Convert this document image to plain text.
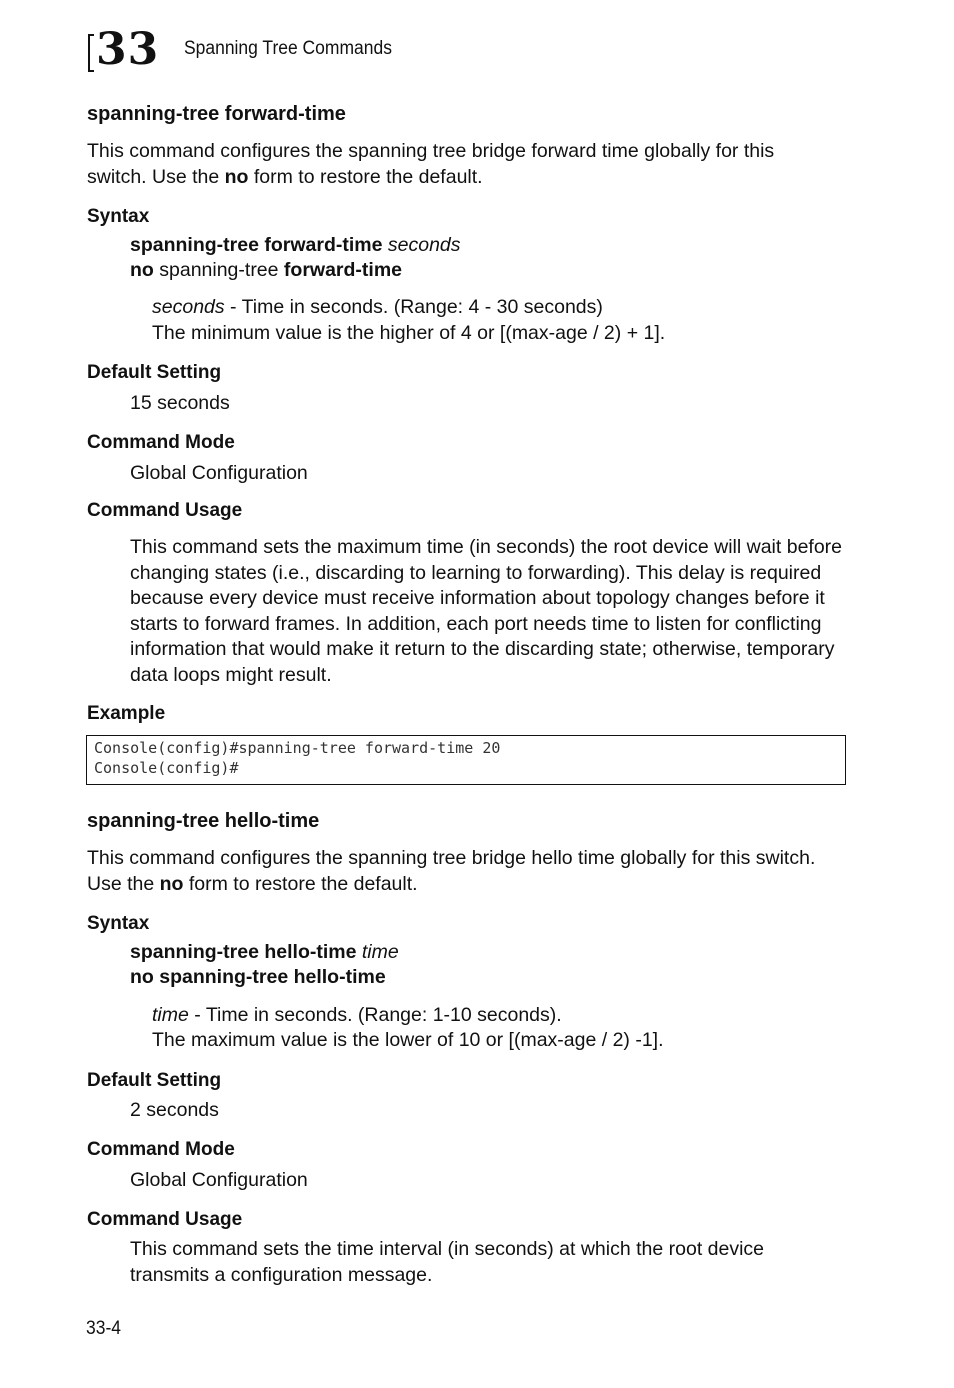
33 Spanning Tree Commands
spanning-tree forward-time
This command configures the spanning tree bridge forward time globally for this switch. Use the no form to restore the default.
Syntax
spanning-tree forward-time seconds
no spanning-tree forward-time
seconds - Time in seconds. (Range: 4 - 30 seconds)
The minimum value is the higher of 4 or [(max-age / 2) + 1].
Default Setting
15 seconds
Command Mode
Global Configuration
Command Usage
This command sets the maximum time (in seconds) the root device will wait before changing states (i.e., discarding to learning to forwarding). This delay is required because every device must receive information about topology changes before it starts to forward frames. In addition, each port needs time to listen for conflicting information that would make it return to the discarding state; otherwise, temporary data loops might result.
Example
Console(config)#spanning-tree forward-time 20
Console(config)#
spanning-tree hello-time
This command configures the spanning tree bridge hello time globally for this switch. Use the no form to restore the default.
Syntax
spanning-tree hello-time time
no spanning-tree hello-time
time - Time in seconds. (Range: 1-10 seconds).
The maximum value is the lower of 10 or [(max-age / 2) -1].
Default Setting
2 seconds
Command Mode
Global Configuration
Command Usage
This command sets the time interval (in seconds) at which the root device transmits a configuration message.
33-4
